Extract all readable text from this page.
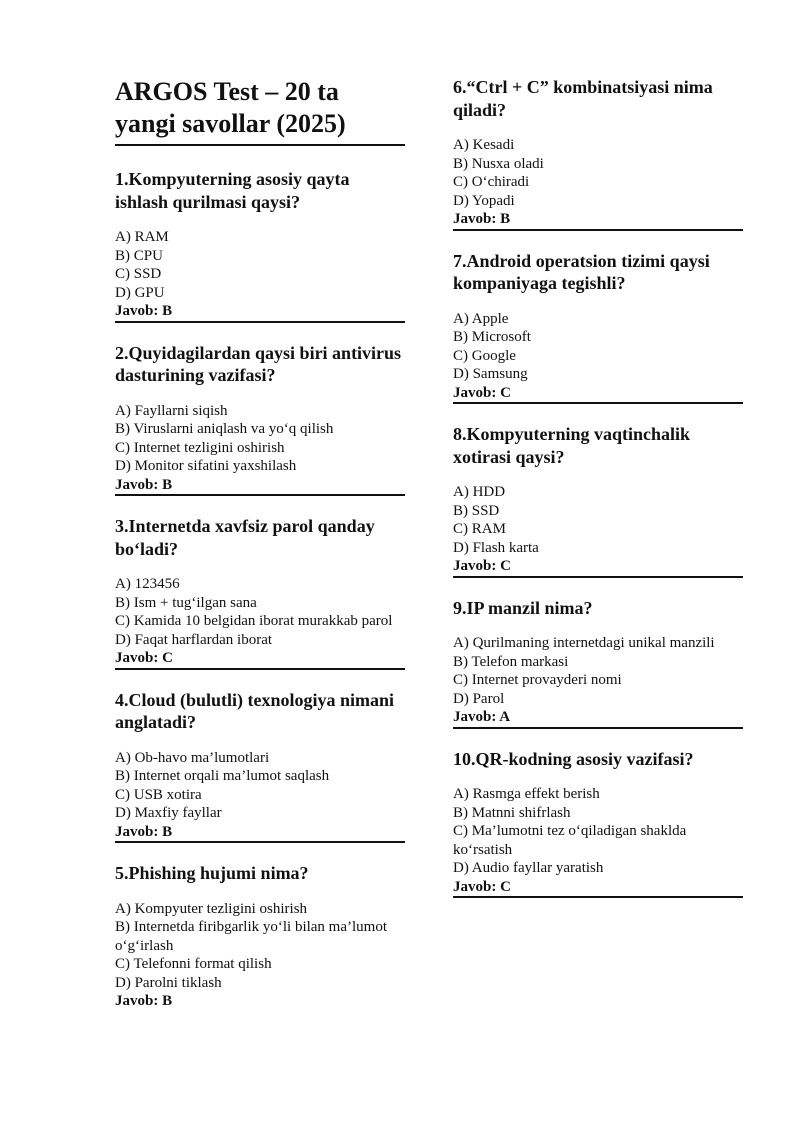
ARGOS Test – 20 ta yangi savollar (2025)
1.Kompyuterning asosiy qayta ishlash qurilmasi qaysi?
A) RAM
B) CPU
C) SSD
D) GPU
Javob: B
2.Quyidagilardan qaysi biri antivirus dasturining vazifasi?
A) Fayllarni siqish
B) Viruslarni aniqlash va yo‘q qilish
C) Internet tezligini oshirish
D) Monitor sifatini yaxshilash
Javob: B
3.Internetda xavfsiz parol qanday bo‘ladi?
A) 123456
B) Ism + tug‘ilgan sana
C) Kamida 10 belgidan iborat murakkab parol
D) Faqat harflardan iborat
Javob: C
4.Cloud (bulutli) texnologiya nimani anglatadi?
A) Ob-havo ma’lumotlari
B) Internet orqali ma’lumot saqlash
C) USB xotira
D) Maxfiy fayllar
Javob: B
5.Phishing hujumi nima?
A) Kompyuter tezligini oshirish
B) Internetda firibgarlik yo‘li bilan ma’lumot o‘g‘irlash
C) Telefonni format qilish
D) Parolni tiklash
Javob: B
6.“Ctrl + C” kombinatsiyasi nima qiladi?
A) Kesadi
B) Nusxa oladi
C) O‘chiradi
D) Yopadi
Javob: B
7.Android operatsion tizimi qaysi kompaniyaga tegishli?
A) Apple
B) Microsoft
C) Google
D) Samsung
Javob: C
8.Kompyuterning vaqtinchalik xotirasi qaysi?
A) HDD
B) SSD
C) RAM
D) Flash karta
Javob: C
9.IP manzil nima?
A) Qurilmaning internetdagi unikal manzili
B) Telefon markasi
C) Internet provayderi nomi
D) Parol
Javob: A
10.QR-kodning asosiy vazifasi?
A) Rasmga effekt berish
B) Matnni shifrlash
C) Ma’lumotni tez o‘qiladigan shaklda ko‘rsatish
D) Audio fayllar yaratish
Javob: C
